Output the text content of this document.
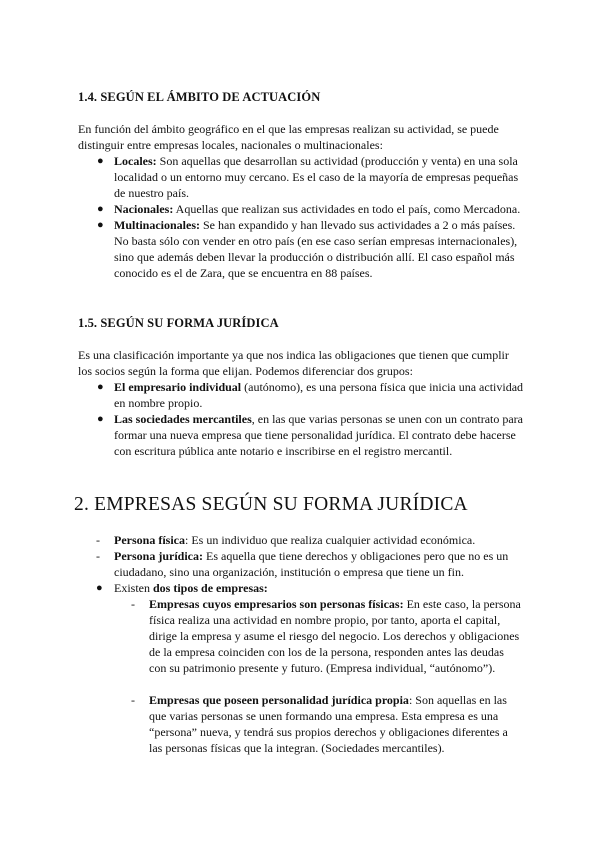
1.4. SEGÚN EL ÁMBITO DE ACTUACIÓN

En función del ámbito geográfico en el que las empresas realizan su actividad, se puede distinguir entre empresas locales, nacionales o multinacionales:

● Locales: Son aquellas que desarrollan su actividad (producción y venta) en una sola localidad o un entorno muy cercano. Es el caso de la mayoría de empresas pequeñas de nuestro país.
● Nacionales: Aquellas que realizan sus actividades en todo el país, como Mercadona.
● Multinacionales: Se han expandido y han llevado sus actividades a 2 o más países. No basta sólo con vender en otro país (en ese caso serían empresas internacionales), sino que además deben llevar la producción o distribución allí. El caso español más conocido es el de Zara, que se encuentra en 88 países.
1.5. SEGÚN SU FORMA JURÍDICA

Es una clasificación importante ya que nos indica las obligaciones que tienen que cumplir los socios según la forma que elijan. Podemos diferenciar dos grupos:

● El empresario individual (autónomo), es una persona física que inicia una actividad en nombre propio.
● Las sociedades mercantiles, en las que varias personas se unen con un contrato para formar una nueva empresa que tiene personalidad jurídica. El contrato debe hacerse con escritura pública ante notario e inscribirse en el registro mercantil.
2. EMPRESAS SEGÚN SU FORMA JURÍDICA
- Persona física: Es un individuo que realiza cualquier actividad económica.
- Persona jurídica: Es aquella que tiene derechos y obligaciones pero que no es un ciudadano, sino una organización, institución o empresa que tiene un fin.
● Existen dos tipos de empresas:
- Empresas cuyos empresarios son personas físicas: En este caso, la persona física realiza una actividad en nombre propio, por tanto, aporta el capital, dirige la empresa y asume el riesgo del negocio. Los derechos y obligaciones de la empresa coinciden con los de la persona, responden antes las deudas con su patrimonio presente y futuro. (Empresa individual, “autónomo”).
- Empresas que poseen personalidad jurídica propia: Son aquellas en las que varias personas se unen formando una empresa. Esta empresa es una “persona” nueva, y tendrá sus propios derechos y obligaciones diferentes a las personas físicas que la integran. (Sociedades mercantiles).
